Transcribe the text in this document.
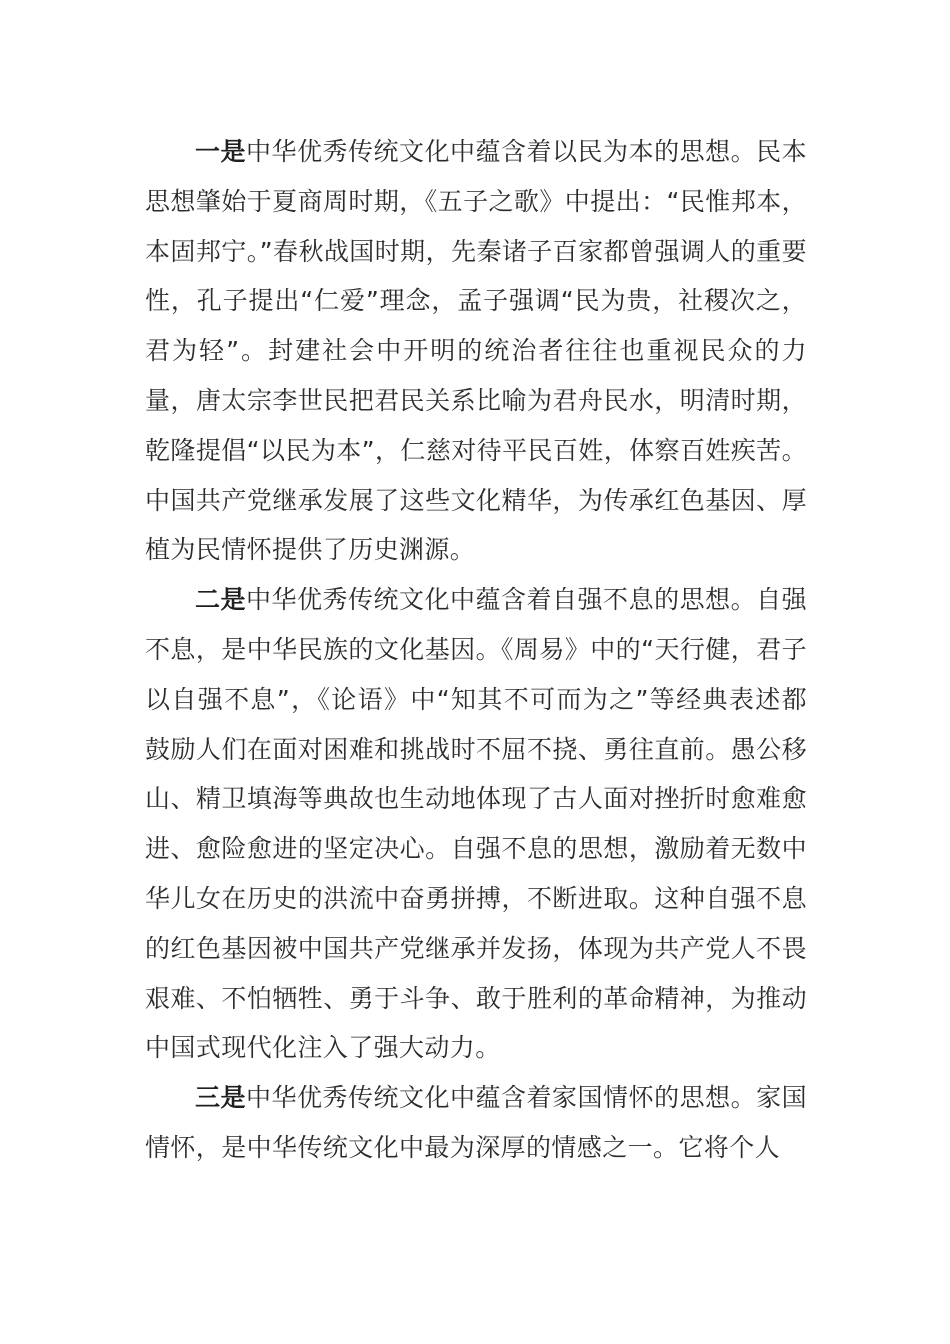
一是中华优秀传统文化中蕴含着以民为本的思想。民本思想肇始于夏商周时期，《五子之歌》中提出：“民惟邦本，本固邦宁。”春秋战国时期，先秦诸子百家都曾强调人的重要性，孔子提出“仁爱”理念，孟子强调“民为贵，社稷次之，君为轻”。封建社会中开明的统治者往往也重视民众的力量，唐太宗李世民把君民关系比喻为君舟民水，明清时期，乾隆提倡“以民为本”，仁慈对待平民百姓，体察百姓疾苦。中国共产党继承发展了这些文化精华，为传承红色基因、厚植为民情怀提供了历史渊源。

二是中华优秀传统文化中蕴含着自强不息的思想。自强不息，是中华民族的文化基因。《周易》中的“天行健，君子以自强不息”，《论语》中“知其不可而为之”等经典表述都鼓励人们在面对困难和挑战时不屈不挠、勇往直前。愚公移山、精卫填海等典故也生动地体现了古人面对挫折时愈难愈进、愈险愈进的坚定决心。自强不息的思想，激励着无数中华儿女在历史的洪流中奋勇拼搏，不断进取。这种自强不息的红色基因被中国共产党继承并发扬，体现为共产党人不畏艰难、不怕牺牲、勇于斗争、敢于胜利的革命精神，为推动中国式现代化注入了强大动力。

三是中华优秀传统文化中蕴含着家国情怀的思想。家国情怀，是中华传统文化中最为深厚的情感之一。它将个人
